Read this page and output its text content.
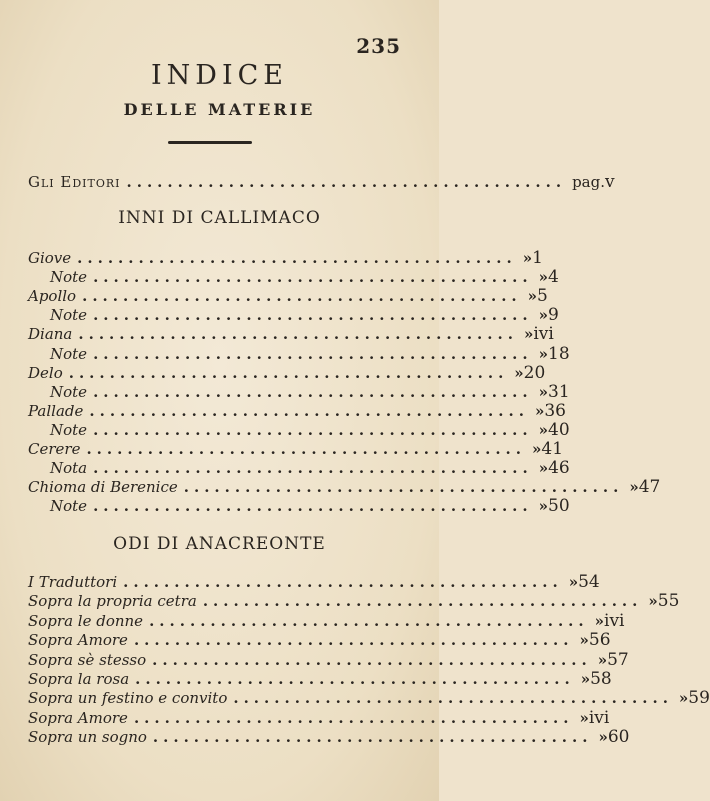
235
INDICE
DELLE MATERIE
Gli Editori ........................................... pag. v
INNI DI CALLIMACO
Giove ........................................... » 1
Note ........................................... » 4
Apollo ........................................... » 5
Note ........................................... » 9
Diana ........................................... » ivi
Note ........................................... » 18
Delo ........................................... » 20
Note ........................................... » 31
Pallade ........................................... » 36
Note ........................................... » 40
Cerere ........................................... » 41
Nota ........................................... » 46
Chioma di Berenice ........................................... » 47
Note ........................................... » 50
ODI DI ANACREONTE
I Traduttori ........................................... » 54
Sopra la propria cetra ........................................... » 55
Sopra le donne ........................................... » ivi
Sopra Amore ........................................... » 56
Sopra sè stesso ........................................... » 57
Sopra la rosa ........................................... » 58
Sopra un festino e convito ........................................... » 59
Sopra Amore ........................................... » ivi
Sopra un sogno ........................................... » 60
